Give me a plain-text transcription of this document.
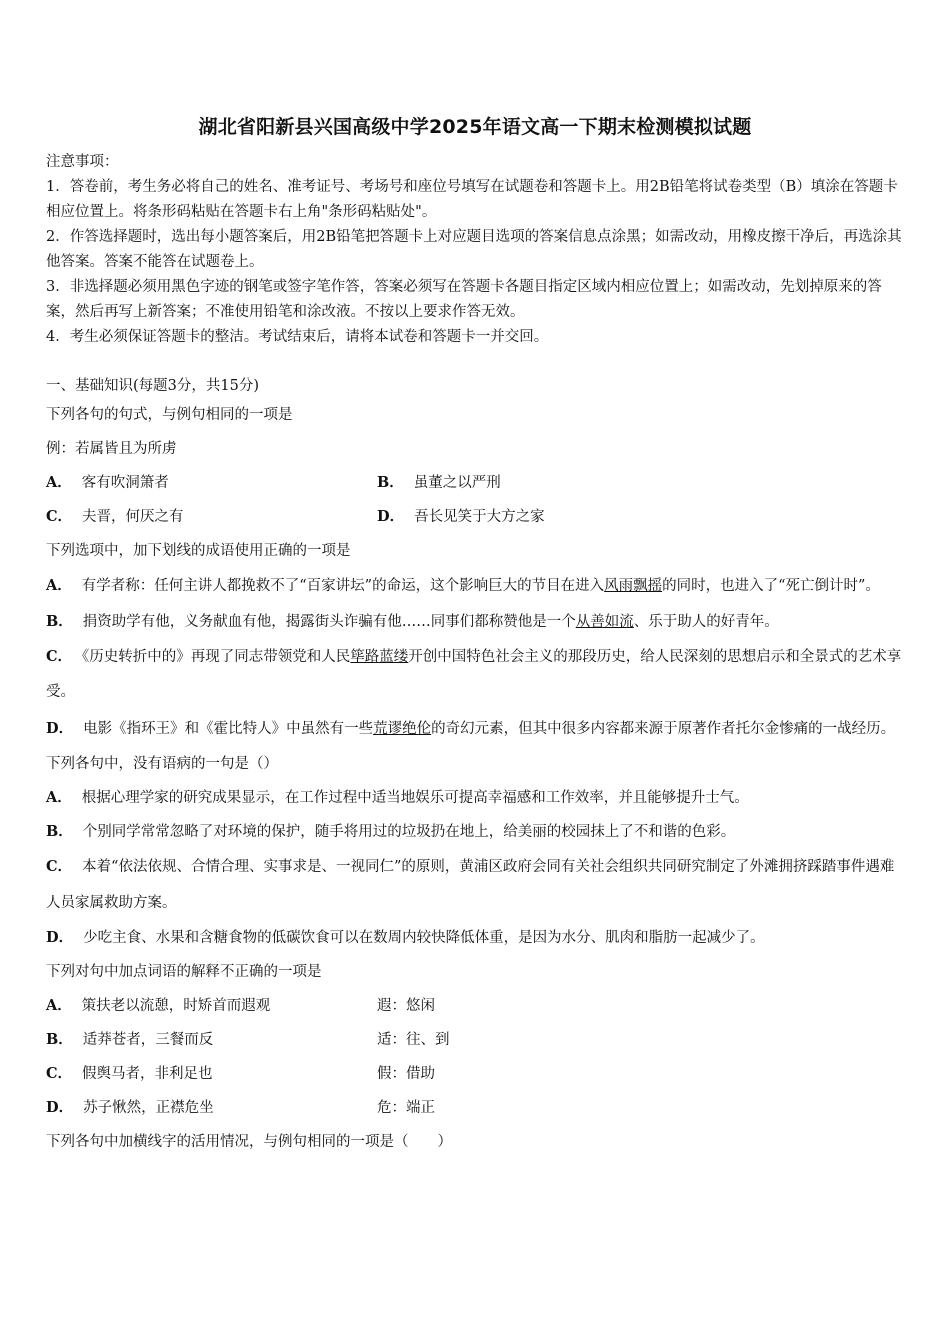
湖北省阳新县兴国高级中学2025年语文高一下期末检测模拟试题

注意事项：

1．答卷前，考生务必将自己的姓名、准考证号、考场号和座位号填写在试题卷和答题卡上。用2B铅笔将试卷类型（B）填涂在答题卡相应位置上。将条形码粘贴在答题卡右上角"条形码粘贴处"。

2．作答选择题时，选出每小题答案后，用2B铅笔把答题卡上对应题目选项的答案信息点涂黑；如需改动，用橡皮擦干净后，再选涂其他答案。答案不能答在试题卷上。

3．非选择题必须用黑色字迹的钢笔或签字笔作答，答案必须写在答题卡各题目指定区域内相应位置上；如需改动，先划掉原来的答案，然后再写上新答案；不准使用铅笔和涂改液。不按以上要求作答无效。

4．考生必须保证答题卡的整洁。考试结束后，请将本试卷和答题卡一并交回。

一、基础知识(每题3分，共15分)

下列各句的句式，与例句相同的一项是

例：若属皆且为所虏

A． 客有吹洞箫者	B． 虽董之以严刑
C． 夫晋，何厌之有	D． 吾长见笑于大方之家

下列选项中，加下划线的成语使用正确的一项是

A． 有学者称：任何主讲人都挽救不了“百家讲坛”的命运，这个影响巨大的节目在进入风雨飘摇的同时，也进入了“死亡倒计时”。

B． 捐资助学有他，义务献血有他，揭露街头诈骗有他……同事们都称赞他是一个从善如流、乐于助人的好青年。

C． 《历史转折中的》再现了同志带领党和人民筚路蓝缕开创中国特色社会主义的那段历史，给人民深刻的思想启示和全景式的艺术享受。

D． 电影《指环王》和《霍比特人》中虽然有一些荒谬绝伦的奇幻元素，但其中很多内容都来源于原著作者托尔金惨痛的一战经历。

下列各句中，没有语病的一句是（）

A． 根据心理学家的研究成果显示，在工作过程中适当地娱乐可提高幸福感和工作效率，并且能够提升士气。

B． 个别同学常常忽略了对环境的保护，随手将用过的垃圾扔在地上，给美丽的校园抹上了不和谐的色彩。

C． 本着“依法依规、合情合理、实事求是、一视同仁”的原则，黄浦区政府会同有关社会组织共同研究制定了外滩拥挤踩踏事件遇难人员家属救助方案。

D． 少吃主食、水果和含糖食物的低碳饮食可以在数周内较快降低体重，是因为水分、肌肉和脂肪一起减少了。

下列对句中加点词语的解释不正确的一项是

A． 策扶老以流憩，时矫首而遐观	遐：悠闲
B． 适莽苍者，三餐而反	适：往、到
C． 假舆马者，非利足也	假：借助
D． 苏子愀然，正襟危坐	危：端正

下列各句中加横线字的活用情况，与例句相同的一项是（　　）
